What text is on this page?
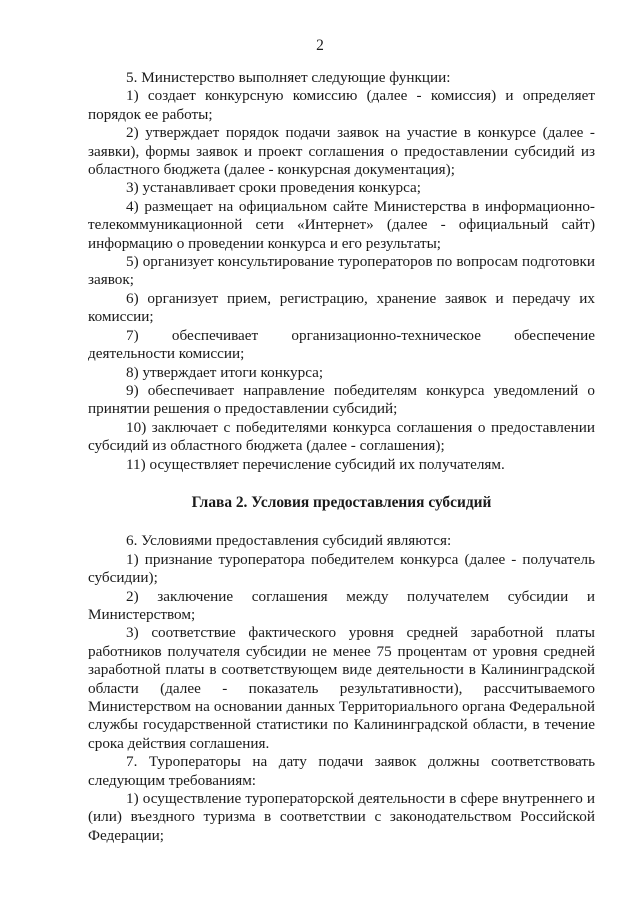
2

5. Министерство выполняет следующие функции:

1) создает конкурсную комиссию (далее - комиссия) и определяет порядок ее работы;

2) утверждает порядок подачи заявок на участие в конкурсе (далее - заявки), формы заявок и проект соглашения о предоставлении субсидий из областного бюджета (далее - конкурсная документация);

3) устанавливает сроки проведения конкурса;

4) размещает на официальном сайте Министерства в информационно-телекоммуникационной сети «Интернет» (далее - официальный сайт) информацию о проведении конкурса и его результаты;

5) организует консультирование туроператоров по вопросам подготовки заявок;

6) организует прием, регистрацию, хранение заявок и передачу их комиссии;

7) обеспечивает организационно-техническое обеспечение деятельности комиссии;

8) утверждает итоги конкурса;

9) обеспечивает направление победителям конкурса уведомлений о принятии решения о предоставлении субсидий;

10) заключает с победителями конкурса соглашения о предоставлении субсидий из областного бюджета (далее - соглашения);

11) осуществляет перечисление субсидий их получателям.

Глава 2. Условия предоставления субсидий

6. Условиями предоставления субсидий являются:

1) признание туроператора победителем конкурса (далее - получатель субсидии);

2) заключение соглашения между получателем субсидии и Министерством;

3) соответствие фактического уровня средней заработной платы работников получателя субсидии не менее 75 процентам от уровня средней заработной платы в соответствующем виде деятельности в Калининградской области (далее - показатель результативности), рассчитываемого Министерством на основании данных Территориального органа Федеральной службы государственной статистики по Калининградской области, в течение срока действия соглашения.

7. Туроператоры на дату подачи заявок должны соответствовать следующим требованиям:

1) осуществление туроператорской деятельности в сфере внутреннего и (или) въездного туризма в соответствии с законодательством Российской Федерации;
